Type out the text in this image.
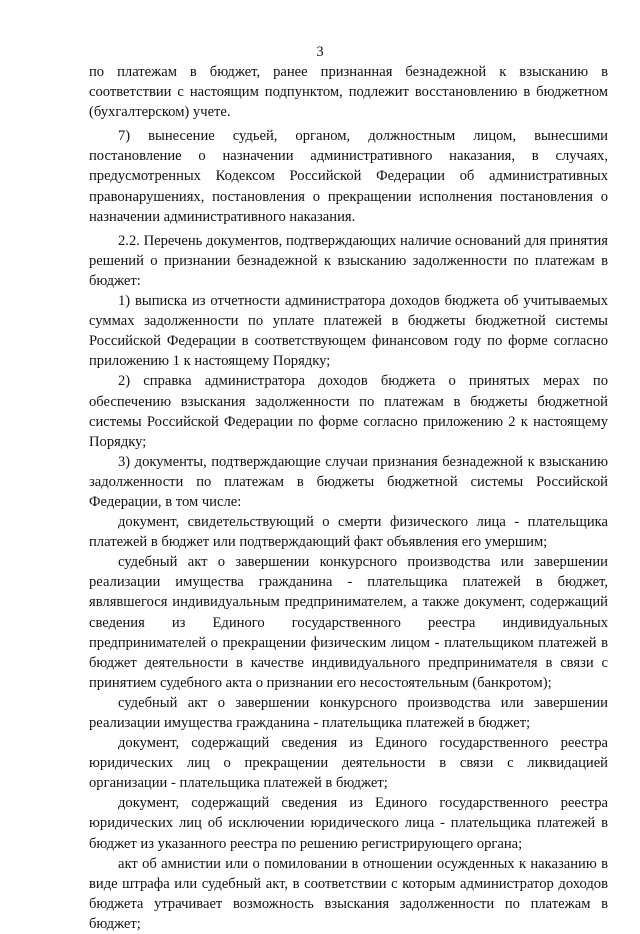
3

по платежам в бюджет, ранее признанная безнадежной к взысканию в соответствии с настоящим подпунктом, подлежит восстановлению в бюджетном (бухгалтерском) учете.

7) вынесение судьей, органом, должностным лицом, вынесшими постановление о назначении административного наказания, в случаях, предусмотренных Кодексом Российской Федерации об административных правонарушениях, постановления о прекращении исполнения постановления о назначении административного наказания.

2.2. Перечень документов, подтверждающих наличие оснований для принятия решений о признании безнадежной к взысканию задолженности по платежам в бюджет:

1) выписка из отчетности администратора доходов бюджета об учитываемых суммах задолженности по уплате платежей в бюджеты бюджетной системы Российской Федерации в соответствующем финансовом году по форме согласно приложению 1 к настоящему Порядку;

2) справка администратора доходов бюджета о принятых мерах по обеспечению взыскания задолженности по платежам в бюджеты бюджетной системы Российской Федерации по форме согласно приложению 2 к настоящему Порядку;

3) документы, подтверждающие случаи признания безнадежной к взысканию задолженности по платежам в бюджеты бюджетной системы Российской Федерации, в том числе:

документ, свидетельствующий о смерти физического лица - плательщика платежей в бюджет или подтверждающий факт объявления его умершим;

судебный акт о завершении конкурсного производства или завершении реализации имущества гражданина - плательщика платежей в бюджет, являвшегося индивидуальным предпринимателем, а также документ, содержащий сведения из Единого государственного реестра индивидуальных предпринимателей о прекращении физическим лицом - плательщиком платежей в бюджет деятельности в качестве индивидуального предпринимателя в связи с принятием судебного акта о признании его несостоятельным (банкротом);

судебный акт о завершении конкурсного производства или завершении реализации имущества гражданина - плательщика платежей в бюджет;

документ, содержащий сведения из Единого государственного реестра юридических лиц о прекращении деятельности в связи с ликвидацией организации - плательщика платежей в бюджет;

документ, содержащий сведения из Единого государственного реестра юридических лиц об исключении юридического лица - плательщика платежей в бюджет из указанного реестра по решению регистрирующего органа;

акт об амнистии или о помиловании в отношении осужденных к наказанию в виде штрафа или судебный акт, в соответствии с которым администратор доходов бюджета утрачивает возможность взыскания задолженности по платежам в бюджет;
